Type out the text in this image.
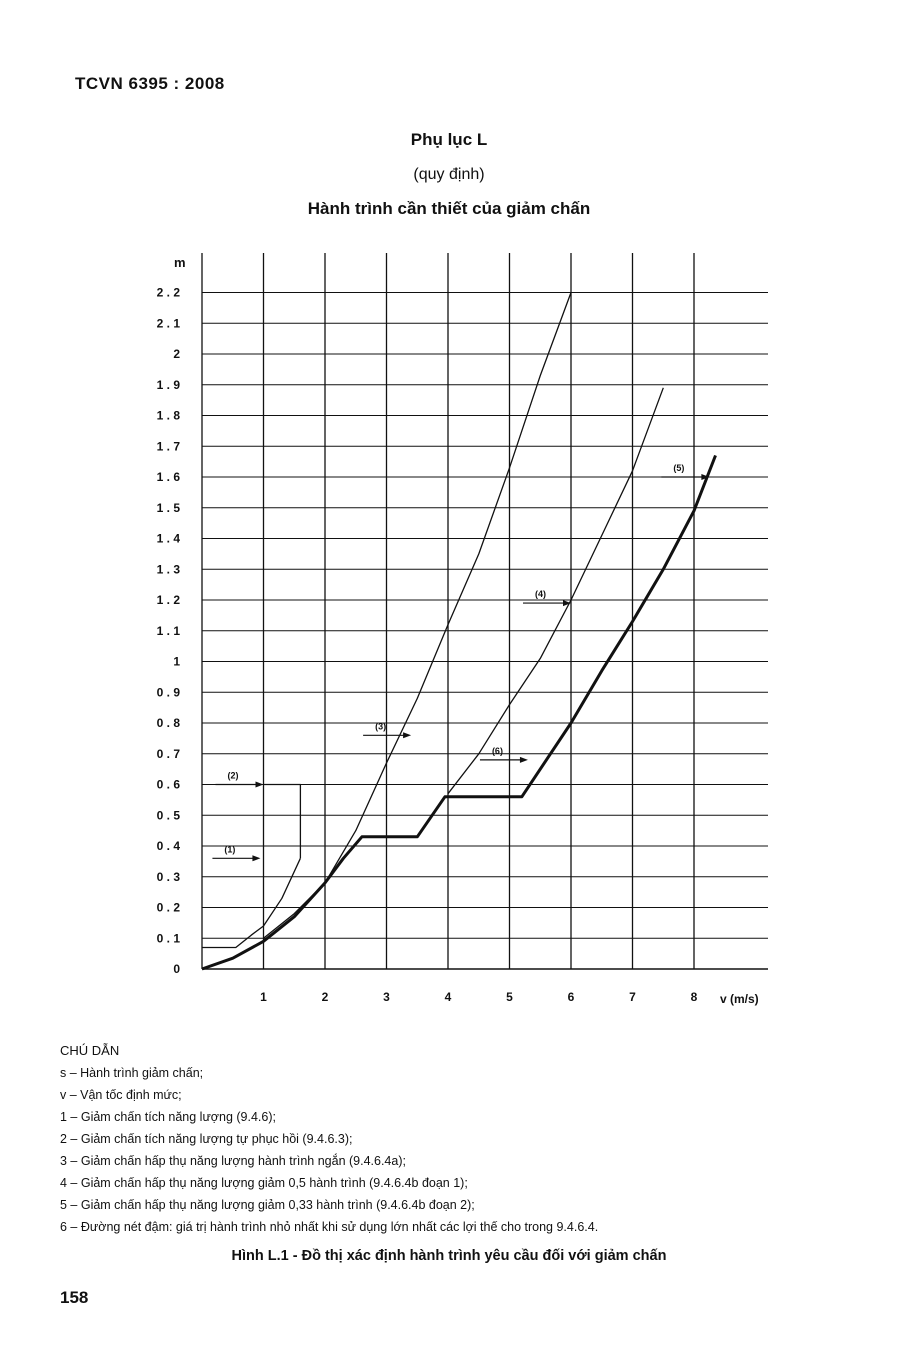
TCVN 6395 : 2008
Phụ lục L
(quy định)
Hành trình cần thiết của giảm chấn
0
0 . 1
0 . 2
0 . 3
0 . 4
0 . 5
0 . 6
0 . 7
0 . 8
0 . 9
1
1 . 1
1 . 2
1 . 3
1 . 4
1 . 5
1 . 6
1 . 7
1 . 8
1 . 9
2
2 . 1
2 . 2
1	2	3	4	5	6	7	8
(1)
(2)
(3)
(4)
(5)
(6)
m
v (m/s)
CHÚ DẪN
s – Hành trình giảm chấn;
v – Vận tốc định mức;
1 – Giảm chấn tích năng lượng (9.4.6);
2 – Giảm chấn tích năng lượng tự phục hồi (9.4.6.3);
3 – Giảm chấn hấp thụ năng lượng hành trình ngắn (9.4.6.4a);
4 – Giảm chấn hấp thụ năng lượng giảm 0,5 hành trình (9.4.6.4b đoạn 1);
5 – Giảm chấn hấp thụ năng lượng giảm 0,33 hành trình (9.4.6.4b đoạn 2);
6 – Đường nét đậm: giá trị hành trình nhỏ nhất khi sử dụng lớn nhất các lợi thế cho trong 9.4.6.4.
Hình L.1 - Đồ thị xác định hành trình yêu cầu đối với giảm chấn
158
